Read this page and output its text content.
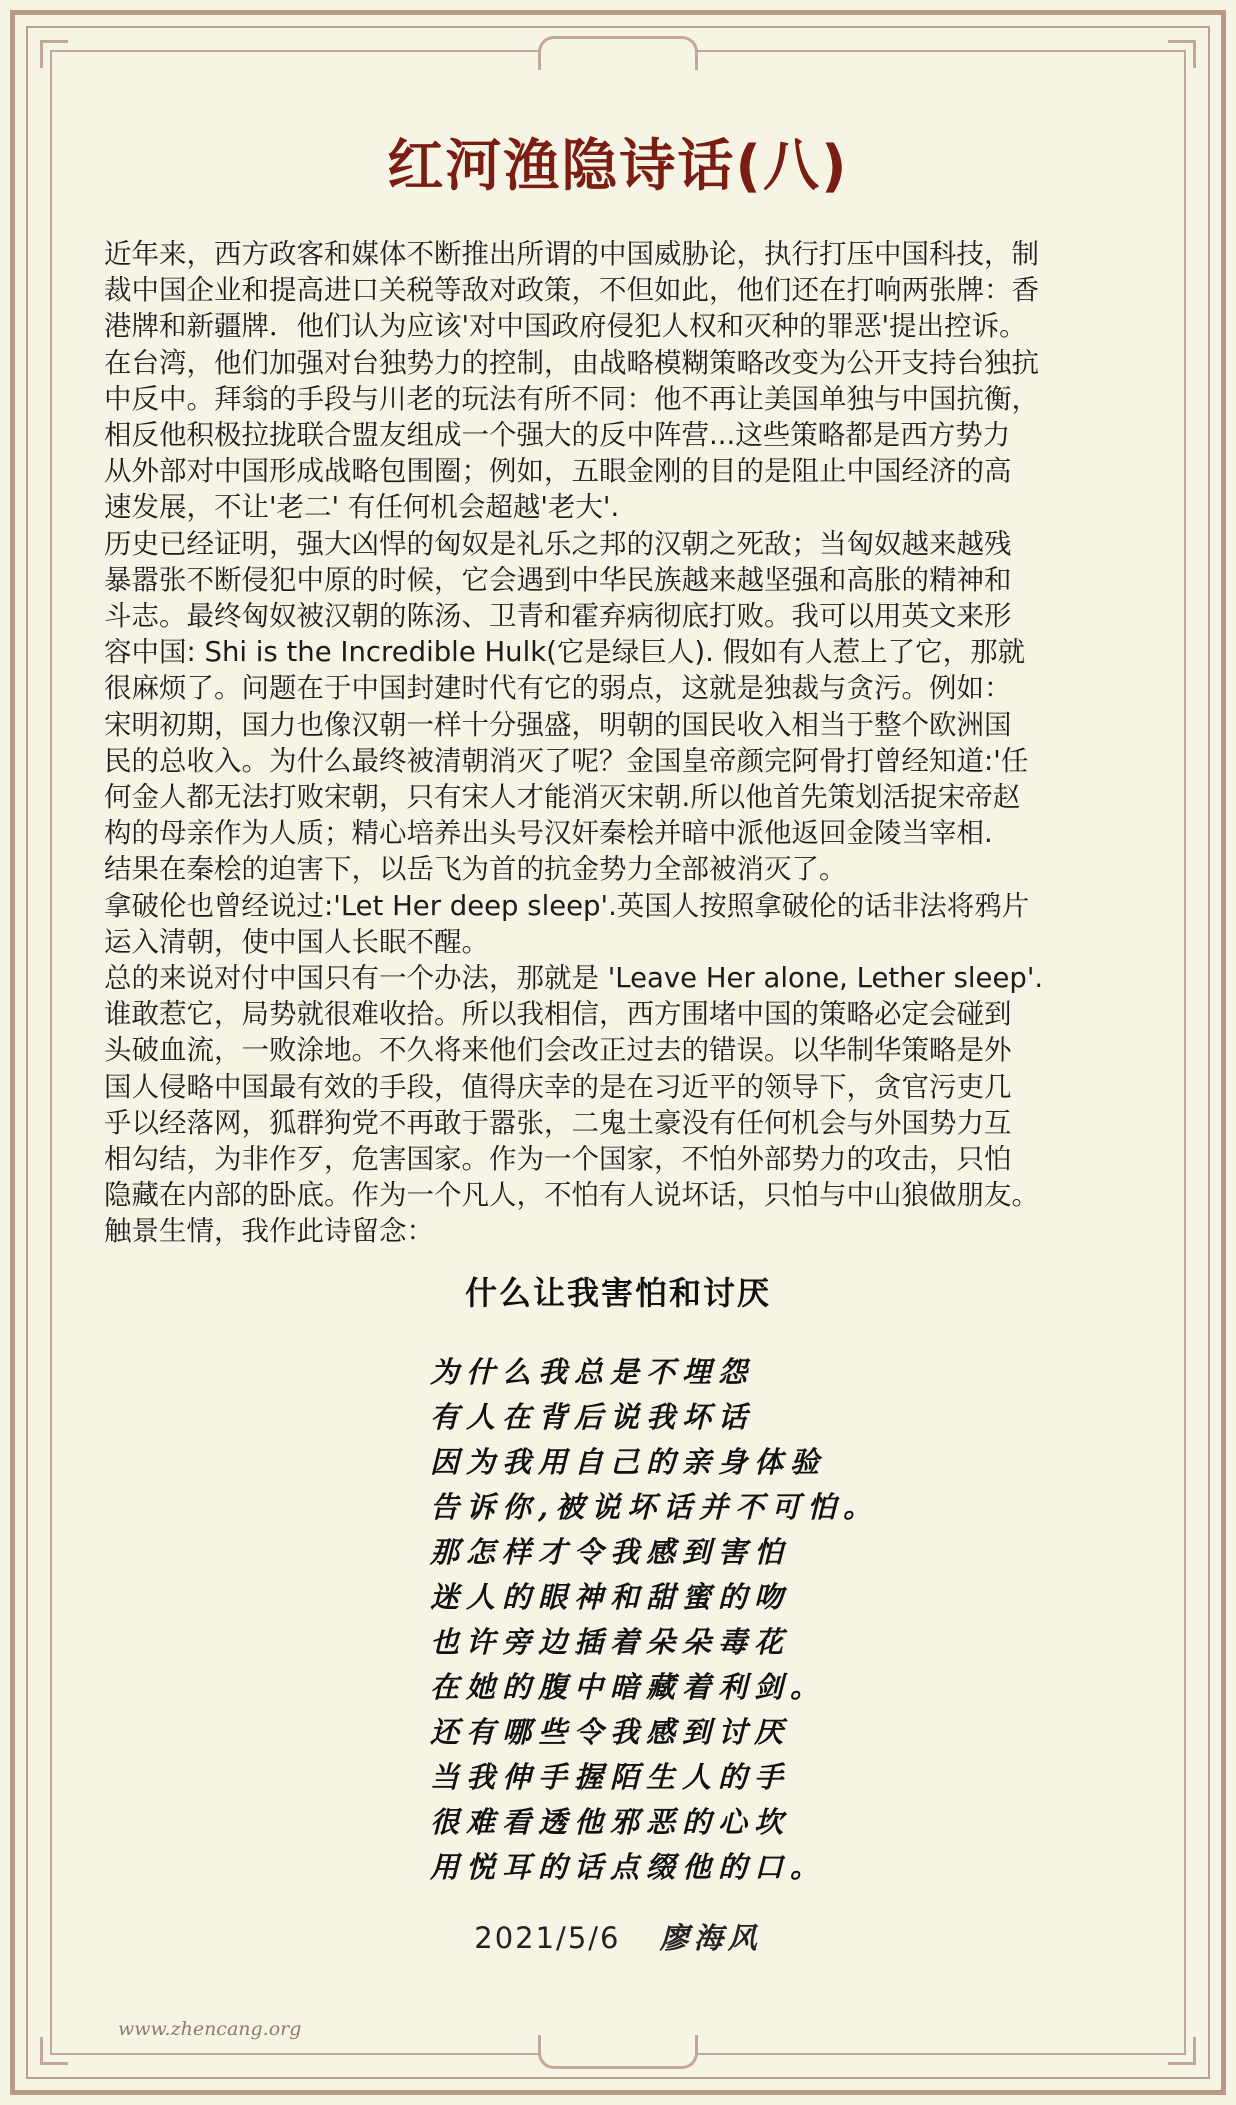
红河渔隐诗话(八)

近年来，西方政客和媒体不断推出所谓的中国威胁论，执行打压中国科技，制

裁中国企业和提高进口关税等敌对政策，不但如此，他们还在打响两张牌：香

港牌和新疆牌．他们认为应该'对中国政府侵犯人权和灭种的罪恶'提出控诉。

在台湾，他们加强对台独势力的控制，由战略模糊策略改变为公开支持台独抗

中反中。拜翁的手段与川老的玩法有所不同：他不再让美国单独与中国抗衡，

相反他积极拉拢联合盟友组成一个强大的反中阵营...这些策略都是西方势力

从外部对中国形成战略包围圈；例如，五眼金刚的目的是阻止中国经济的高

速发展，不让'老二' 有任何机会超越'老大'.

历史已经证明，强大凶悍的匈奴是礼乐之邦的汉朝之死敌；当匈奴越来越残

暴嚣张不断侵犯中原的时候，它会遇到中华民族越来越坚强和高胀的精神和

斗志。最终匈奴被汉朝的陈汤、卫青和霍弃病彻底打败。我可以用英文来形

容中国: Shi is the Incredible Hulk(它是绿巨人). 假如有人惹上了它，那就

很麻烦了。问题在于中国封建时代有它的弱点，这就是独裁与贪污。例如：

宋明初期，国力也像汉朝一样十分强盛，明朝的国民收入相当于整个欧洲国

民的总收入。为什么最终被清朝消灭了呢？金国皇帝颜完阿骨打曾经知道:'任

何金人都无法打败宋朝，只有宋人才能消灭宋朝.所以他首先策划活捉宋帝赵

构的母亲作为人质；精心培养出头号汉奸秦桧并暗中派他返回金陵当宰相.

结果在秦桧的迫害下，以岳飞为首的抗金势力全部被消灭了。

拿破伦也曾经说过:'Let Her deep sleep'.英国人按照拿破伦的话非法将鸦片

运入清朝，使中国人长眠不醒。

总的来说对付中国只有一个办法，那就是 'Leave Her alone, Lether sleep'.

谁敢惹它，局势就很难收拾。所以我相信，西方围堵中国的策略必定会碰到

头破血流，一败涂地。不久将来他们会改正过去的错误。以华制华策略是外

国人侵略中国最有效的手段，值得庆幸的是在习近平的领导下，贪官污吏几

乎以经落网，狐群狗党不再敢于嚣张，二鬼土豪没有任何机会与外国势力互

相勾结，为非作歹，危害国家。作为一个国家，不怕外部势力的攻击，只怕

隐藏在内部的卧底。作为一个凡人，不怕有人说坏话，只怕与中山狼做朋友。

触景生情，我作此诗留念：

什么让我害怕和讨厌
为什么我总是不埋怨
有人在背后说我坏话
因为我用自己的亲身体验
告诉你,被说坏话并不可怕。
那怎样才令我感到害怕
迷人的眼神和甜蜜的吻
也许旁边插着朵朵毒花
在她的腹中暗藏着利剑。
还有哪些令我感到讨厌
当我伸手握陌生人的手
很难看透他邪恶的心坎
用悦耳的话点缀他的口。
2021/5/6 廖海风
www.zhencang.org
